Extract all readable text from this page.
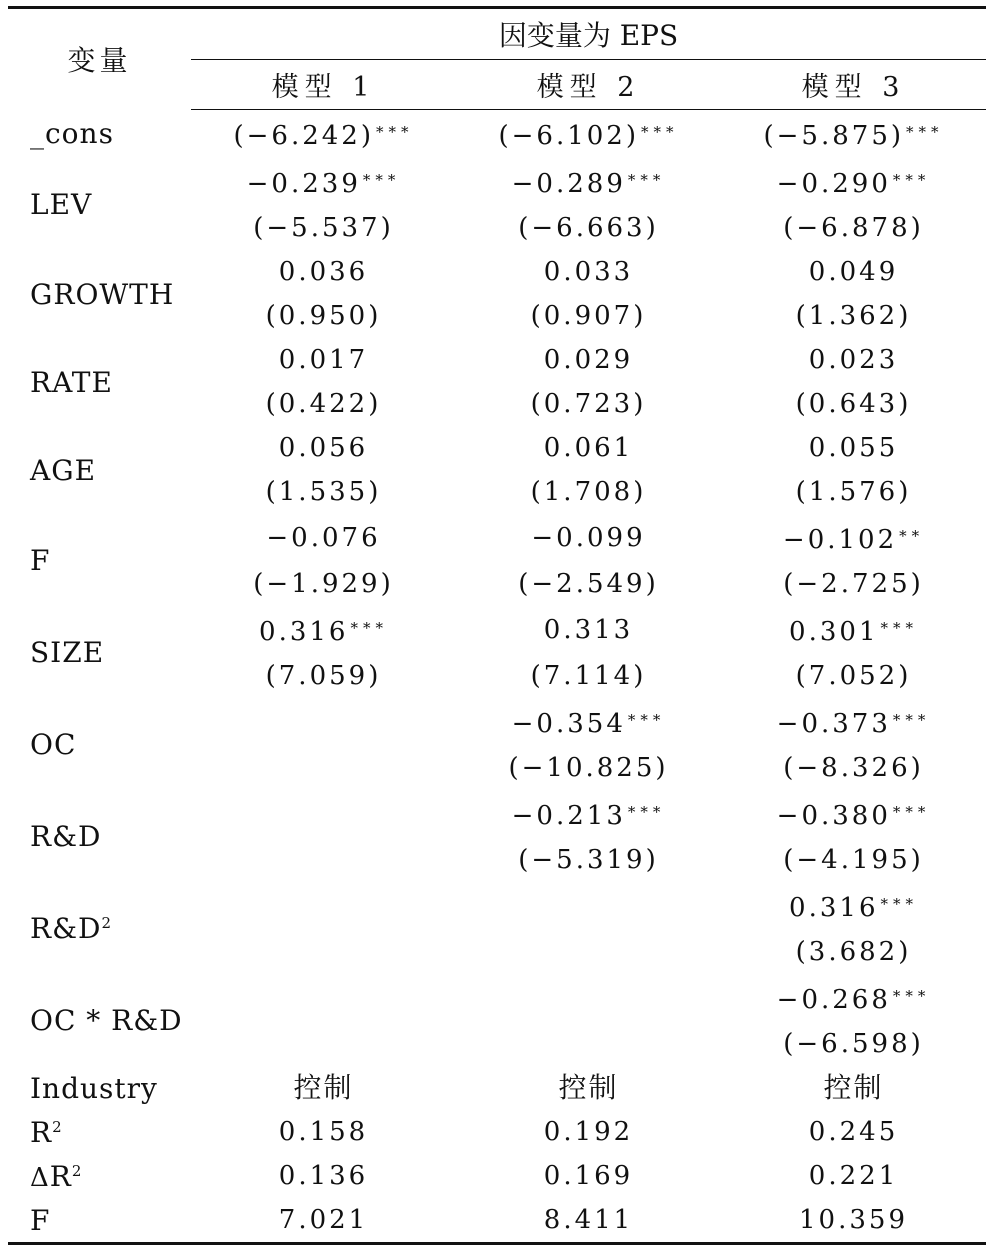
变量	因变量为 EPS		
	模型 1	模型 2	模型 3
_cons	(−6.242) ***	(−6.102) ***	(−5.875) ***
LEV	−0.239 ***	−0.289 ***	−0.290 ***
	(−5.537)	(−6.663)	(−6.878)
GROWTH	0.036	0.033	0.049
	(0.950)	(0.907)	(1.362)
RATE	0.017	0.029	0.023
	(0.422)	(0.723)	(0.643)
AGE	0.056	0.061	0.055
	(1.535)	(1.708)	(1.576)
F	−0.076	−0.099	−0.102 **
	(−1.929)	(−2.549)	(−2.725)
SIZE	0.316 ***	0.313	0.301 ***
	(7.059)	(7.114)	(7.052)
OC		−0.354 ***	−0.373 ***
		(−10.825)	(−8.326)
R&D		−0.213 ***	−0.380 ***
		(−5.319)	(−4.195)
$R\&D^2$			0.316 ***
			(3.682)
OC * R&D			−0.268 ***
			(−6.598)
Industry	控制	控制	控制
$R^2$	0.158	0.192	0.245
$\Delta R^2$	0.136	0.169	0.221
F	7.021	8.411	10.359
